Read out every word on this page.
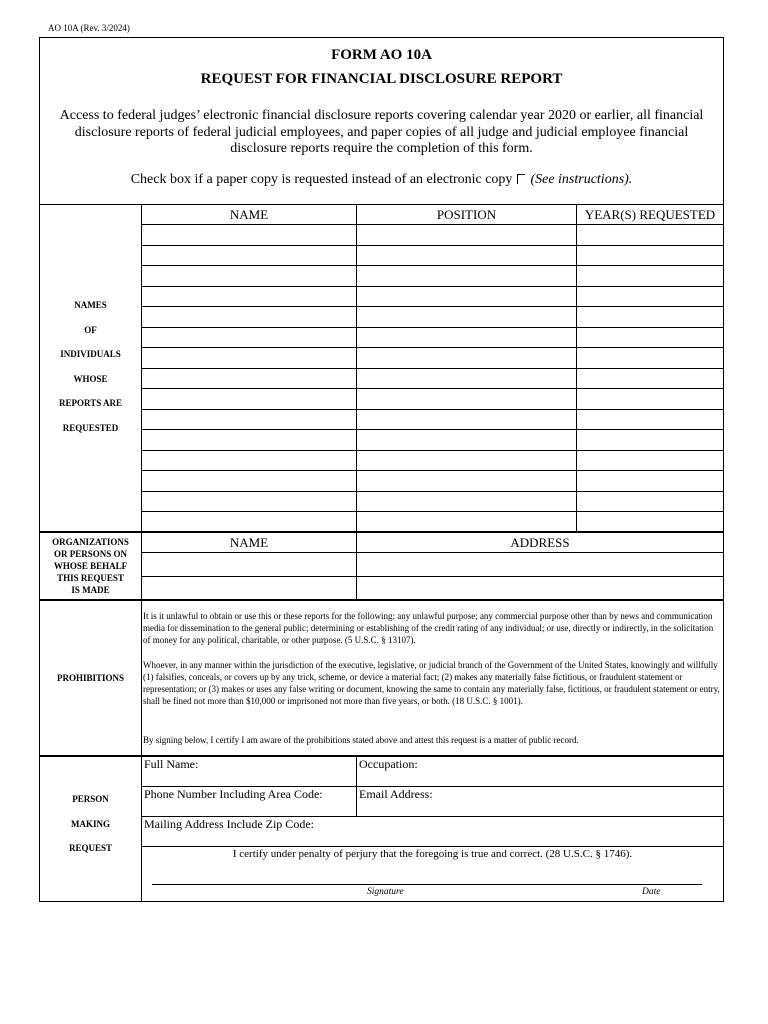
AO 10A (Rev. 3/2024)
FORM AO 10A
REQUEST FOR FINANCIAL DISCLOSURE REPORT
Access to federal judges’ electronic financial disclosure reports covering calendar year 2020 or earlier, all financial disclosure reports of federal judicial employees, and paper copies of all judge and judicial employee financial disclosure reports require the completion of this form.
Check box if a paper copy is requested instead of an electronic copy (See instructions).
NAME	POSITION	YEAR(S) REQUESTED
NAMES
OF
INDIVIDUALS
WHOSE
REPORTS ARE
REQUESTED
NAME	ADDRESS
ORGANIZATIONS
OR PERSONS ON
WHOSE BEHALF
THIS REQUEST
IS MADE
PROHIBITIONS
It is it unlawful to obtain or use this or these reports for the following: any unlawful purpose; any commercial purpose other than by news and communication media for dissemination to the general public; determining or establishing of the credit rating of any individual; or use, directly or indirectly, in the solicitation of money for any political, charitable, or other purpose. (5 U.S.C. § 13107).
Whoever, in any manner within the jurisdiction of the executive, legislative, or judicial branch of the Government of the United States, knowingly and willfully (1) falsifies, conceals, or covers up by any trick, scheme, or device a material fact; (2) makes any materially false fictitious, or fraudulent statement or representation; or (3) makes or uses any false writing or document, knowing the same to contain any materially false, fictitious, or fraudulent statement or entry, shall be fined not more than $10,000 or imprisoned not more than five years, or both. (18 U.S.C. § 1001).
By signing below, I certify I am aware of the prohibitions stated above and attest this request is a matter of public record.
Full Name:	Occupation:
Phone Number Including Area Code:	Email Address:
Mailing Address Include Zip Code:
I certify under penalty of perjury that the foregoing is true and correct. (28 U.S.C. § 1746).
Signature	Date
PERSON
MAKING
REQUEST
